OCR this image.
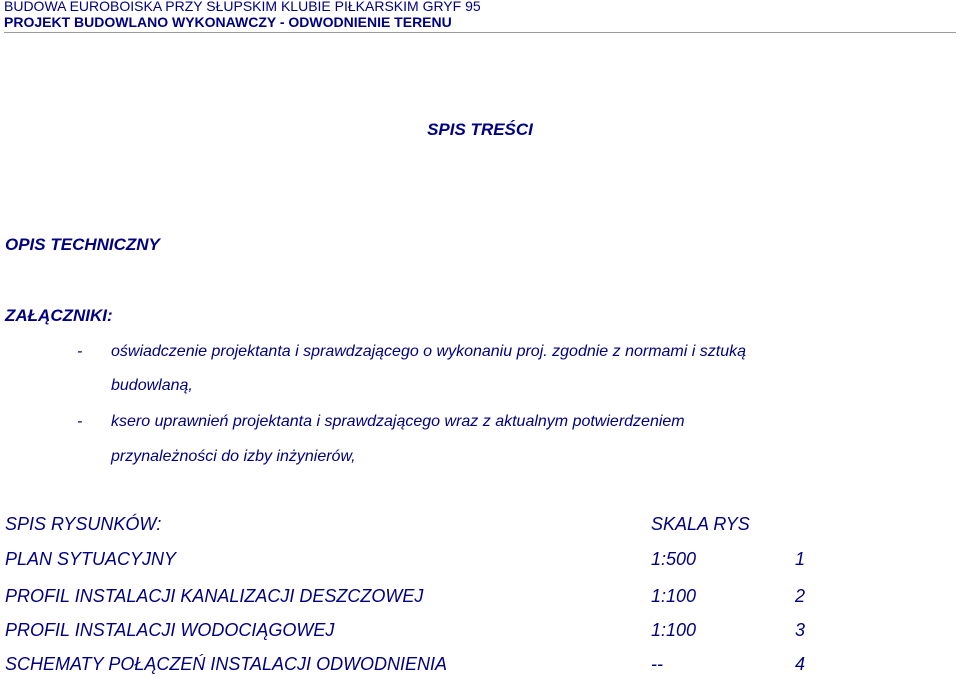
BUDOWA EUROBOISKA PRZY SŁUPSKIM KLUBIE PIŁKARSKIM GRYF 95
PROJEKT BUDOWLANO WYKONAWCZY - ODWODNIENIE TERENU
SPIS TREŚCI
OPIS TECHNICZNY
ZAŁĄCZNIKI:
- oświadczenie projektanta i sprawdzającego o wykonaniu proj. zgodnie z normami i sztuką
budowlaną,
- ksero uprawnień projektanta i sprawdzającego wraz z aktualnym potwierdzeniem
przynależności do izby inżynierów,
SPIS RYSUNKÓW:	SKALA RYS
PLAN SYTUACYJNY	1:500	1
PROFIL INSTALACJI KANALIZACJI DESZCZOWEJ	1:100	2
PROFIL INSTALACJI WODOCIĄGOWEJ	1:100	3
SCHEMATY POŁĄCZEŃ INSTALACJI ODWODNIENIA	--	4
